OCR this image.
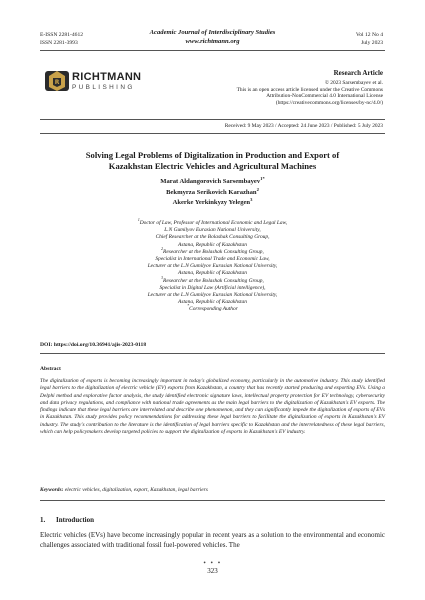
E-ISSN 2281-4612
ISSN 2281-3993
Academic Journal of Interdisciplinary Studies
www.richtmann.org
Vol 12 No 4
July 2023
R RICHTMANN
PUBLISHING
Research Article
© 2023 Sarsembayev et al.
This is an open access article licensed under the Creative Commons
Attribution-NonCommercial 4.0 International License
(https://creativecommons.org/licenses/by-nc/4.0/)
Received: 9 May 2023 / Accepted: 24 June 2023 / Published: 5 July 2023
Solving Legal Problems of Digitalization in Production and Export of
Kazakhstan Electric Vehicles and Agricultural Machines
Marat Aldangorovich Sarsembayev$^{1*}$
Bekmyrza Serikovich Karazhan$^2$
Akerke Yerkinkyzy Yelegen$^3$
$^1$Doctor of Law, Professor of International Economic and Legal Law,
L.N Gumilyov Eurasian National University,
Chief Researcher at the Bolashak Consulting Group,
Astana, Republic of Kazakhstan
$^2$Researcher at the Bolashak Consulting Group,
Specialist in International Trade and Economic Law,
Lecturer at the L.N Gumilyov Eurasian National University,
Astana, Republic of Kazakhstan
$^3$Researcher at the Bolashak Consulting Group,
Specialist in Digital Law (Artificial intelligence),
Lecturer at the L.N Gumilyov Eurasian National University,
Astana, Republic of Kazakhstan
*Corresponding Author
DOI: https://doi.org/10.36941/ajis-2023-0118
Abstract
The digitalization of exports is becoming increasingly important in today's globalized economy, particularly in the automotive industry. This study identified legal barriers to the digitalization of electric vehicle (EV) exports from Kazakhstan, a country that has recently started producing and exporting EVs. Using a Delphi method and explorative factor analysis, the study identified electronic signature laws, intellectual property protection for EV technology, cybersecurity and data privacy regulations, and compliance with national trade agreements as the main legal barriers to the digitalization of Kazakhstan's EV exports. The findings indicate that these legal barriers are interrelated and describe one phenomenon, and they can significantly impede the digitalization of exports of EVs in Kazakhstan. This study provides policy recommendations for addressing these legal barriers to facilitate the digitalization of exports in Kazakhstan's EV industry. The study's contribution to the literature is the identification of legal barriers specific to Kazakhstan and the interrelatedness of these legal barriers, which can help policymakers develop targeted policies to support the digitalization of exports in Kazakhstan's EV industry.
Keywords: electric vehicles, digitalization, export, Kazakhstan, legal barriers
1. Introduction
Electric vehicles (EVs) have become increasingly popular in recent years as a solution to the environmental and economic challenges associated with traditional fossil fuel-powered vehicles. The
• • •
323
